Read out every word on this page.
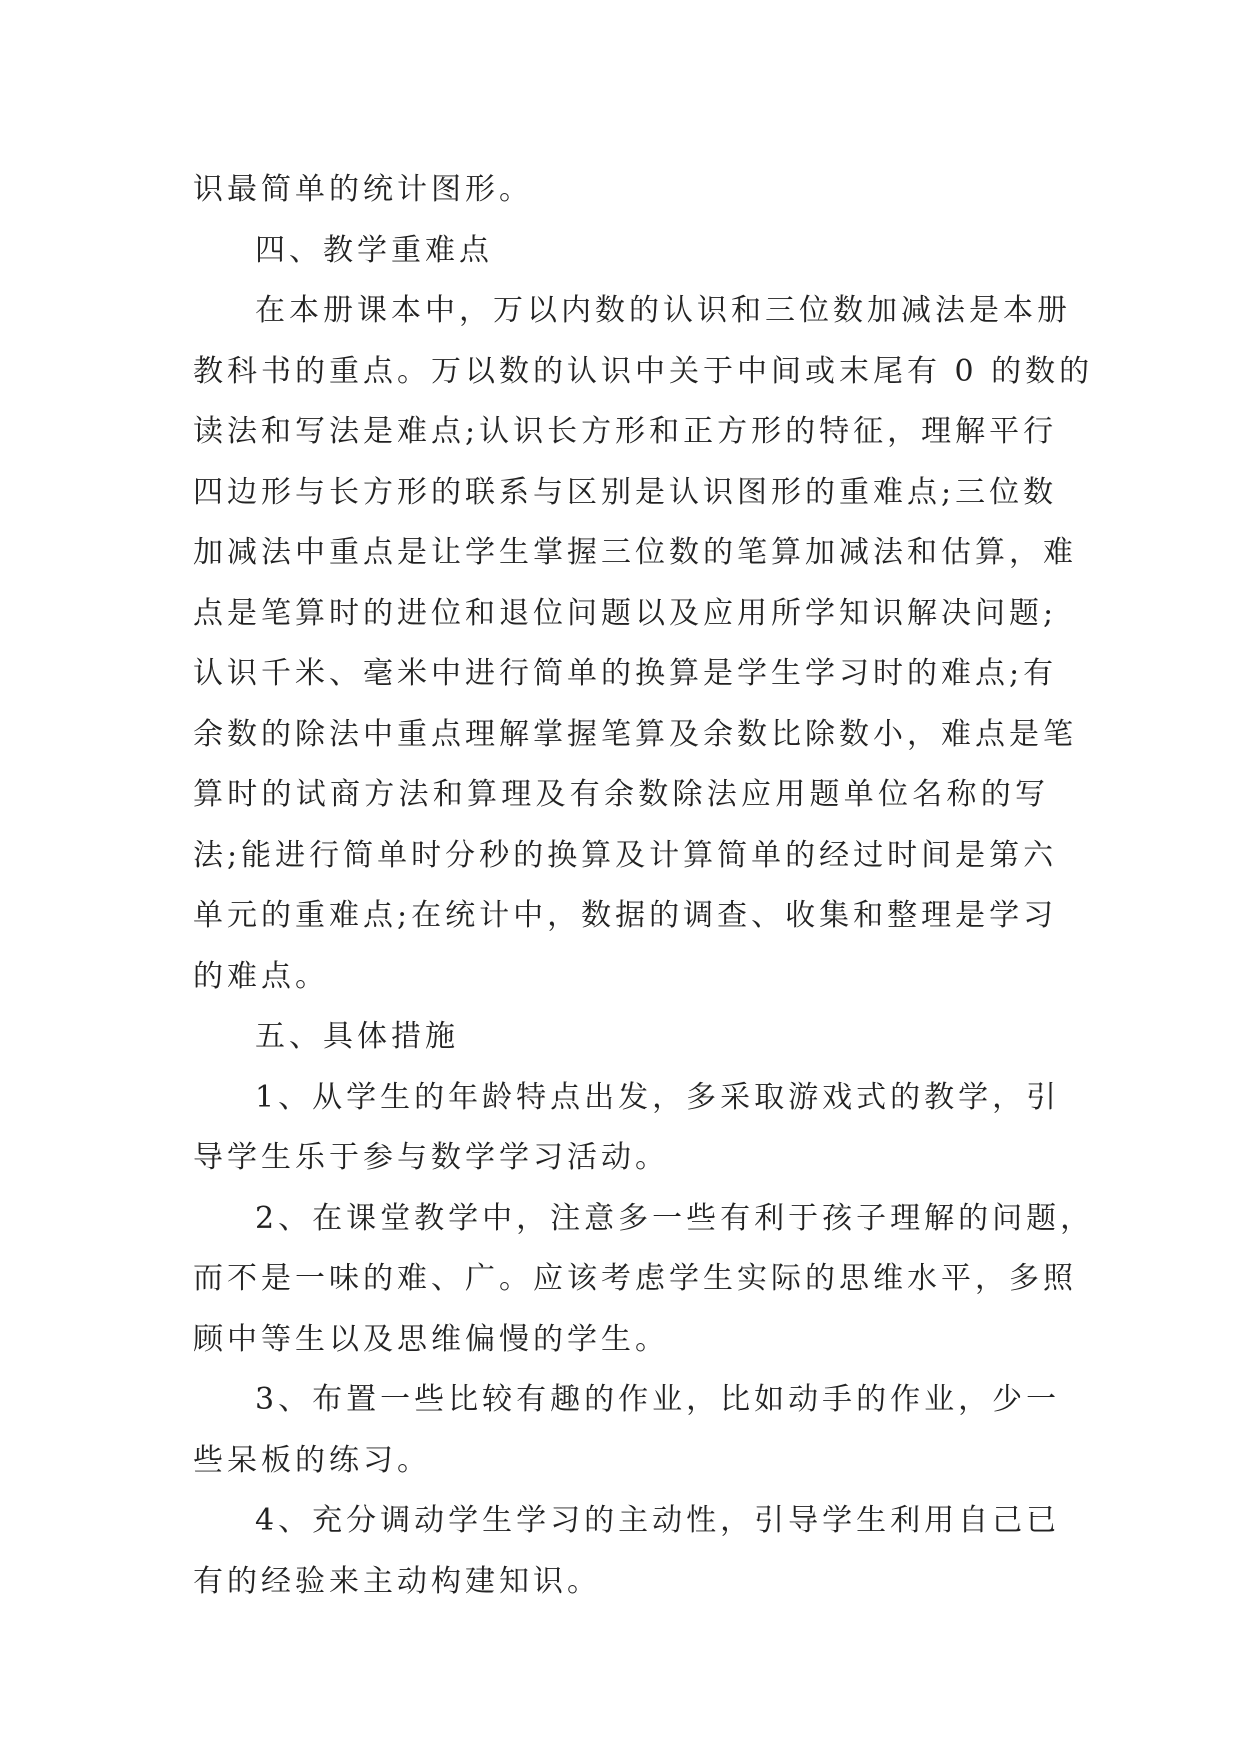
识最简单的统计图形。
四、教学重难点
在本册课本中，万以内数的认识和三位数加减法是本册
教科书的重点。万以数的认识中关于中间或末尾有 0 的数的
读法和写法是难点;认识长方形和正方形的特征，理解平行
四边形与长方形的联系与区别是认识图形的重难点;三位数
加减法中重点是让学生掌握三位数的笔算加减法和估算，难
点是笔算时的进位和退位问题以及应用所学知识解决问题;
认识千米、毫米中进行简单的换算是学生学习时的难点;有
余数的除法中重点理解掌握笔算及余数比除数小，难点是笔
算时的试商方法和算理及有余数除法应用题单位名称的写
法;能进行简单时分秒的换算及计算简单的经过时间是第六
单元的重难点;在统计中，数据的调查、收集和整理是学习
的难点。
五、具体措施
1、从学生的年龄特点出发，多采取游戏式的教学，引
导学生乐于参与数学学习活动。
2、在课堂教学中，注意多一些有利于孩子理解的问题，
而不是一味的难、广。应该考虑学生实际的思维水平，多照
顾中等生以及思维偏慢的学生。
3、布置一些比较有趣的作业，比如动手的作业，少一
些呆板的练习。
4、充分调动学生学习的主动性，引导学生利用自己已
有的经验来主动构建知识。
